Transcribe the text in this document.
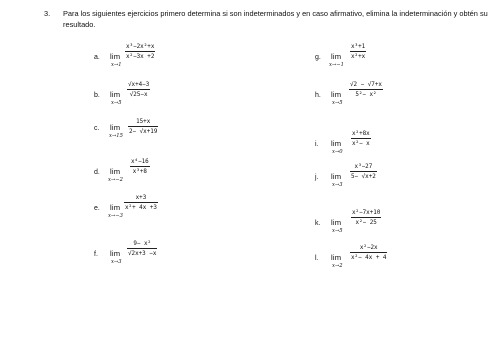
3. Para los siguientes ejercicios primero determina si son indeterminados y en caso afirmativo, elimina la indeterminación y obtén su resultado.
a. lim
x→1
x³−2x²+x
x²−3x +2
b. lim
x→5
√x+4−3
√25−x
c. lim
x→15
15+x
2− √x+19
d. lim
x→−2
x⁴−16
x³+8
e. lim
x→−3
x+3
x²+ 4x +3
f. lim
x→3
9− x²
√2x+3 −x
g. lim
x→−1
x³+1
x²+x
h. lim
x→5
√2 − √7+x
5²− x²
i. lim
x→0
x²+8x
x²− x
j. lim
x→3
x³−27
5− √x+2
k. lim
x→5
x²−7x+10
x²− 25
l. lim
x→2
x²−2x
x²− 4x + 4
